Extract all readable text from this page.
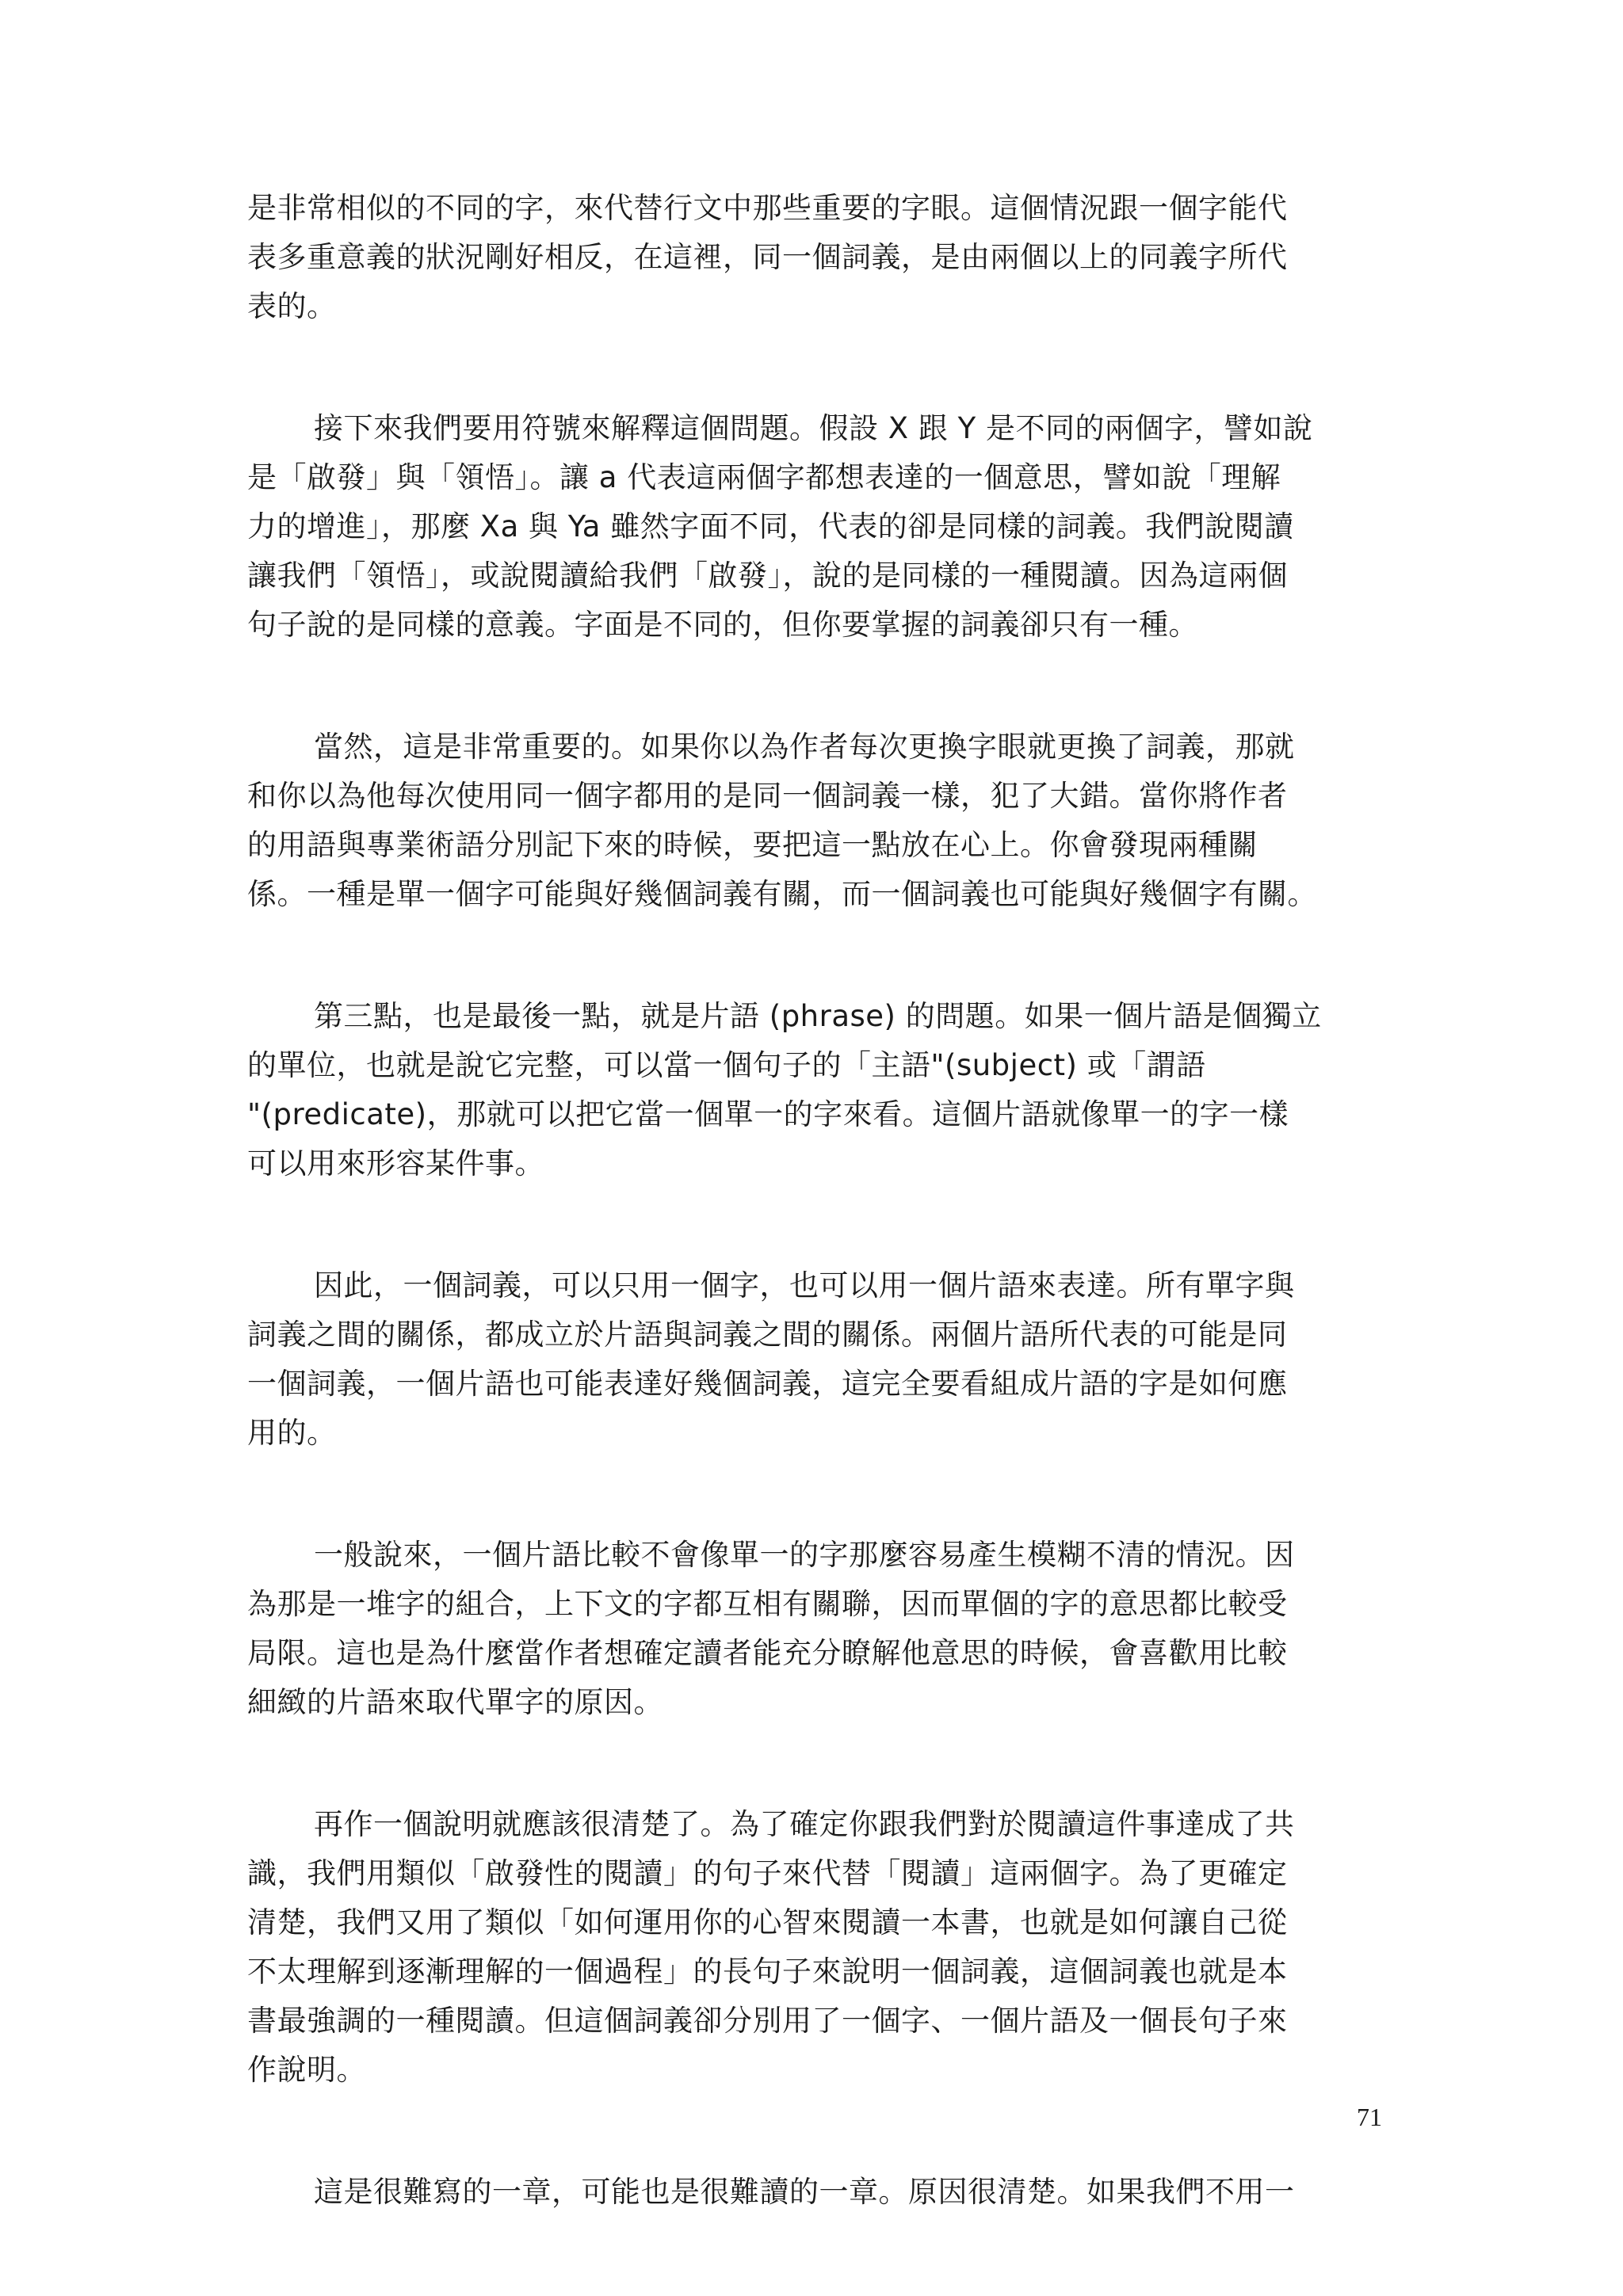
是非常相似的不同的字，來代替行文中那些重要的字眼。這個情況跟一個字能代
表多重意義的狀況剛好相反，在這裡，同一個詞義，是由兩個以上的同義字所代
表的。
接下來我們要用符號來解釋這個問題。假設 X 跟 Y 是不同的兩個字，譬如說
是「啟發」與「領悟」。讓 a 代表這兩個字都想表達的一個意思，譬如說「理解
力的增進」，那麼 Xa 與 Ya 雖然字面不同，代表的卻是同樣的詞義。我們說閱讀
讓我們「領悟」，或說閱讀給我們「啟發」，說的是同樣的一種閱讀。因為這兩個
句子說的是同樣的意義。字面是不同的，但你要掌握的詞義卻只有一種。
當然，這是非常重要的。如果你以為作者每次更換字眼就更換了詞義，那就
和你以為他每次使用同一個字都用的是同一個詞義一樣，犯了大錯。當你將作者
的用語與專業術語分別記下來的時候，要把這一點放在心上。你會發現兩種關
係。一種是單一個字可能與好幾個詞義有關，而一個詞義也可能與好幾個字有關。
第三點，也是最後一點，就是片語 (phrase) 的問題。如果一個片語是個獨立
的單位，也就是說它完整，可以當一個句子的「主語"(subject) 或「謂語
"(predicate)，那就可以把它當一個單一的字來看。這個片語就像單一的字一樣
可以用來形容某件事。
因此，一個詞義，可以只用一個字，也可以用一個片語來表達。所有單字與
詞義之間的關係，都成立於片語與詞義之間的關係。兩個片語所代表的可能是同
一個詞義，一個片語也可能表達好幾個詞義，這完全要看組成片語的字是如何應
用的。
一般說來，一個片語比較不會像單一的字那麼容易產生模糊不清的情況。因
為那是一堆字的組合，上下文的字都互相有關聯，因而單個的字的意思都比較受
局限。這也是為什麼當作者想確定讀者能充分瞭解他意思的時候，會喜歡用比較
細緻的片語來取代單字的原因。
再作一個說明就應該很清楚了。為了確定你跟我們對於閱讀這件事達成了共
識，我們用類似「啟發性的閱讀」的句子來代替「閱讀」這兩個字。為了更確定
清楚，我們又用了類似「如何運用你的心智來閱讀一本書，也就是如何讓自己從
不太理解到逐漸理解的一個過程」的長句子來說明一個詞義，這個詞義也就是本
書最強調的一種閱讀。但這個詞義卻分別用了一個字、一個片語及一個長句子來
作說明。
這是很難寫的一章，可能也是很難讀的一章。原因很清楚。如果我們不用一
71
